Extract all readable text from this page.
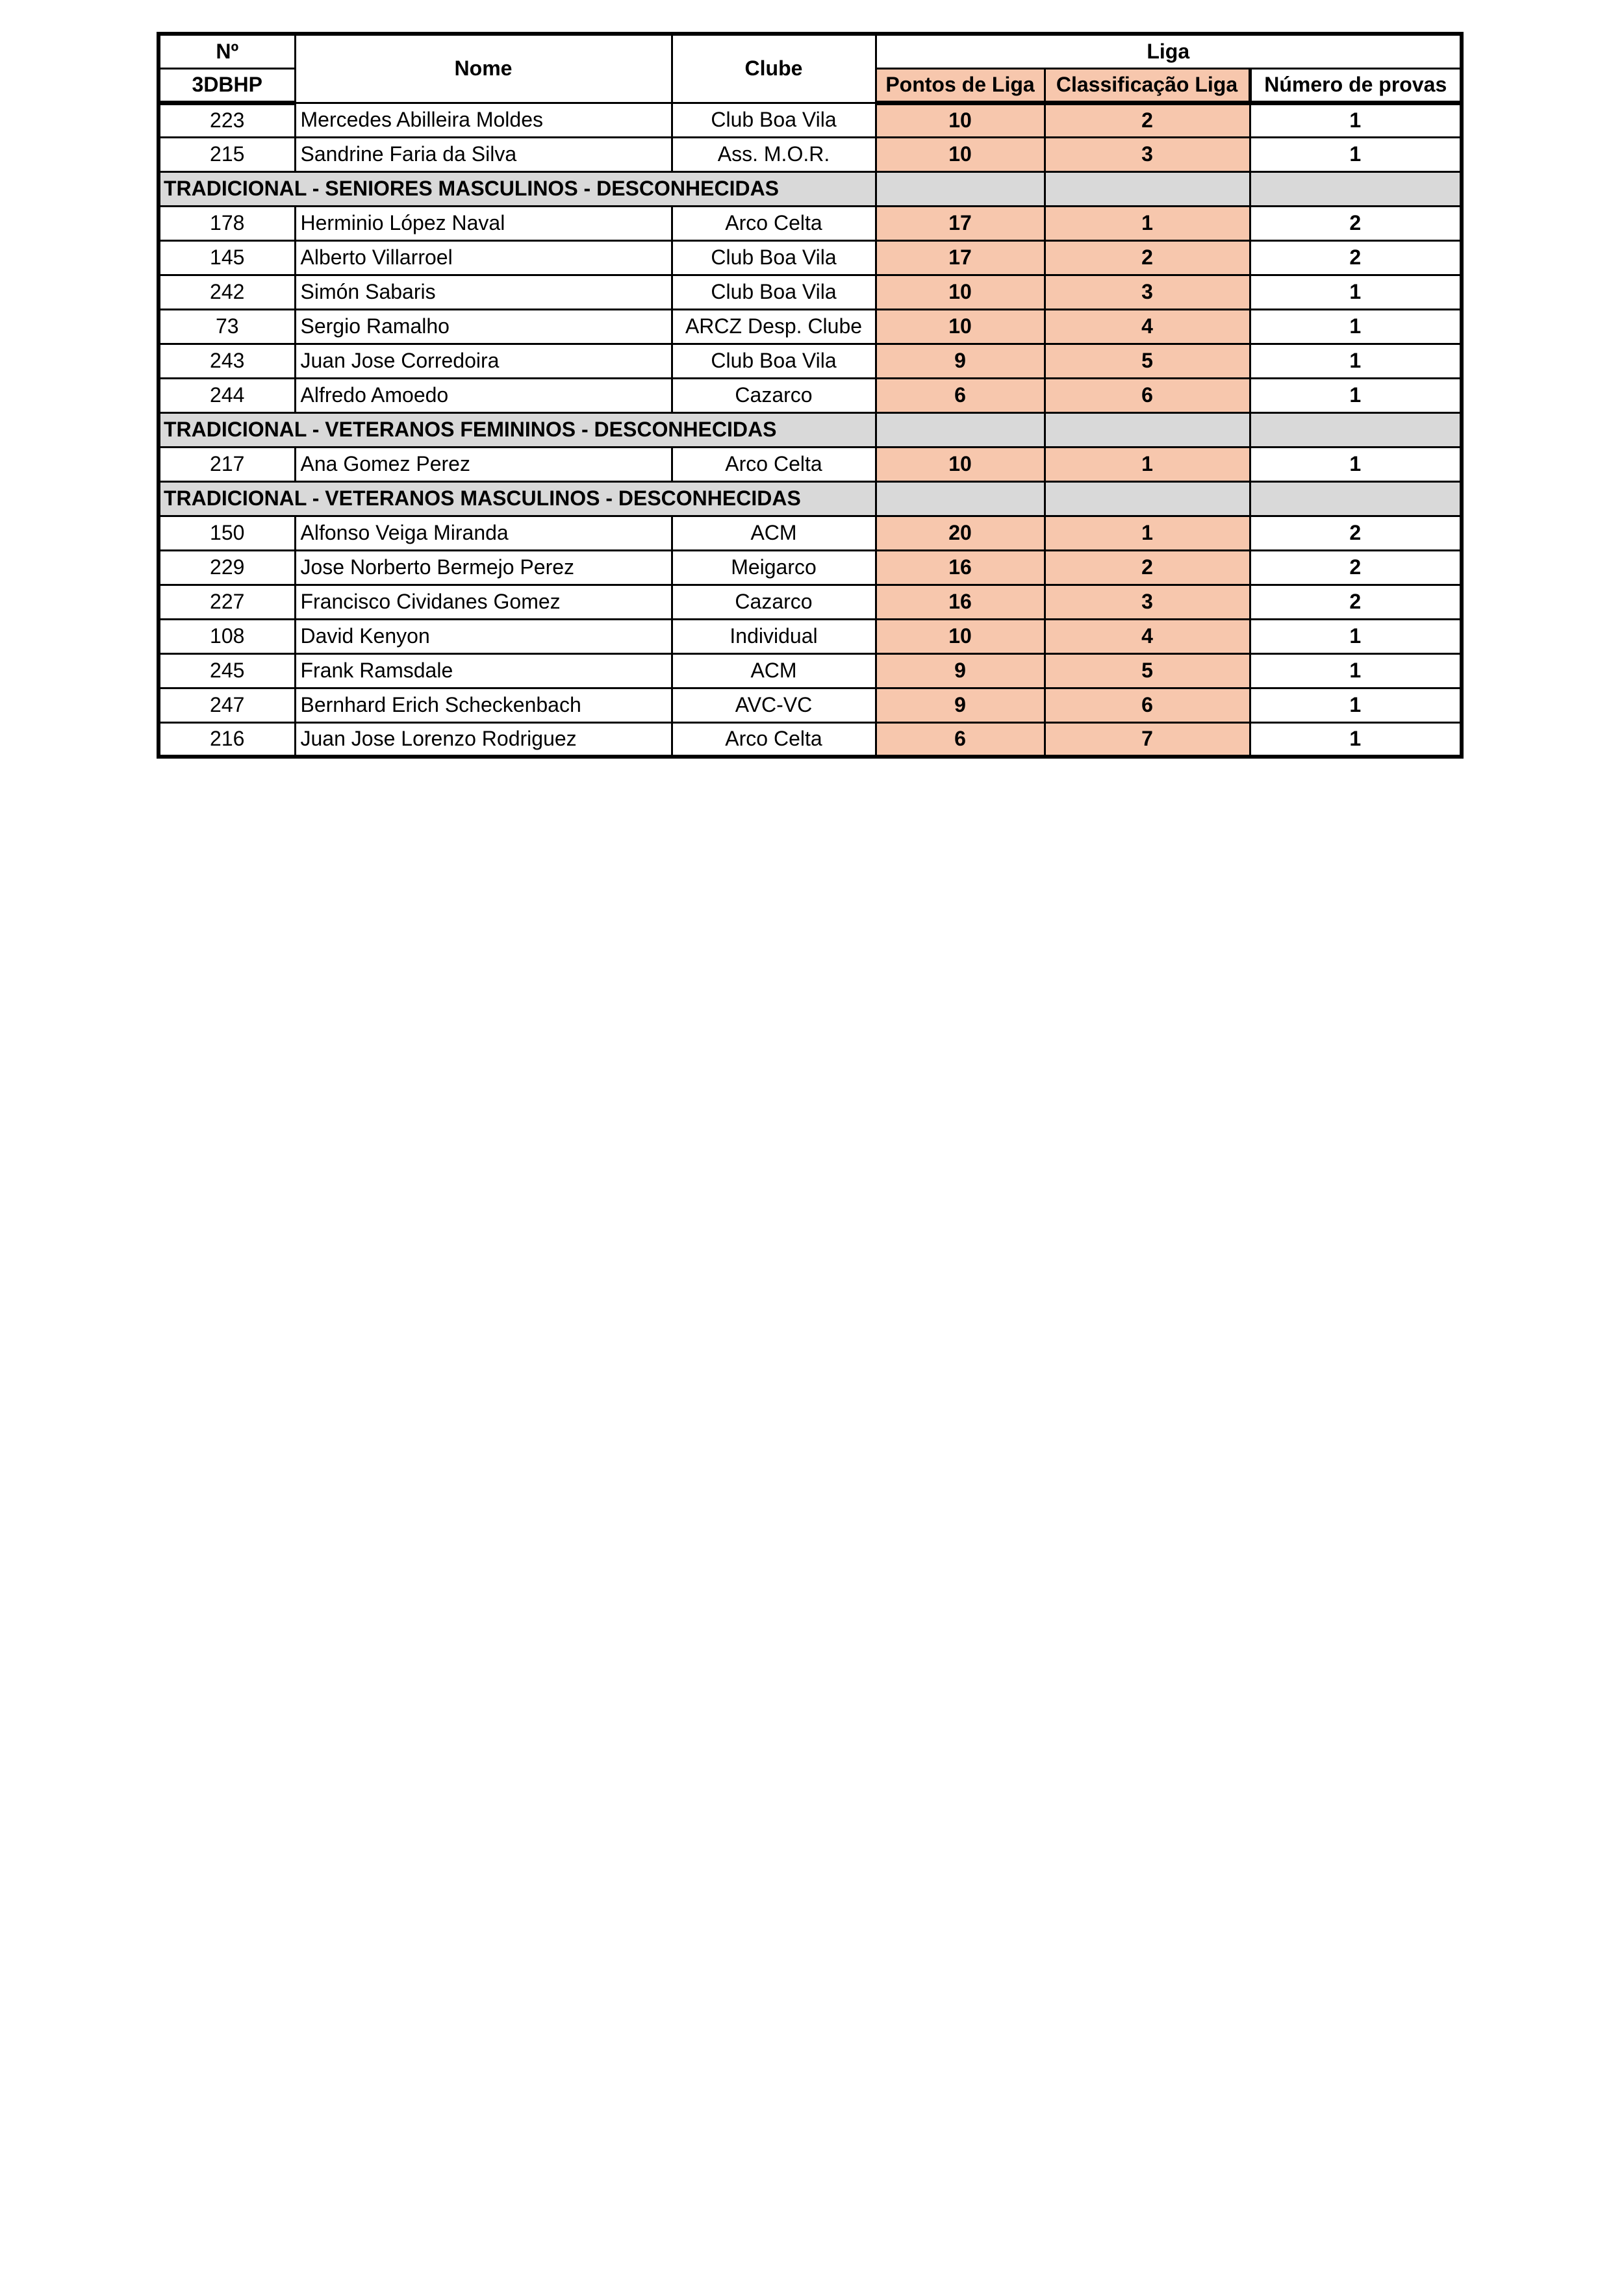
Nº	Nome	Clube	Liga		
3DBHP			Pontos de Liga	Classificação Liga	Número de provas
223	Mercedes Abilleira Moldes	Club Boa Vila	10	2	1
215	Sandrine Faria da Silva	Ass. M.O.R.	10	3	1
TRADICIONAL - SENIORES MASCULINOS - DESCONHECIDAS					
178	Herminio López Naval	Arco Celta	17	1	2
145	Alberto Villarroel	Club Boa Vila	17	2	2
242	Simón Sabaris	Club Boa Vila	10	3	1
73	Sergio Ramalho	ARCZ Desp. Clube	10	4	1
243	Juan Jose Corredoira	Club Boa Vila	9	5	1
244	Alfredo Amoedo	Cazarco	6	6	1
TRADICIONAL - VETERANOS FEMININOS - DESCONHECIDAS					
217	Ana Gomez Perez	Arco Celta	10	1	1
TRADICIONAL - VETERANOS MASCULINOS - DESCONHECIDAS					
150	Alfonso Veiga Miranda	ACM	20	1	2
229	Jose Norberto Bermejo Perez	Meigarco	16	2	2
227	Francisco Cividanes Gomez	Cazarco	16	3	2
108	David Kenyon	Individual	10	4	1
245	Frank Ramsdale	ACM	9	5	1
247	Bernhard Erich Scheckenbach	AVC-VC	9	6	1
216	Juan Jose Lorenzo Rodriguez	Arco Celta	6	7	1
